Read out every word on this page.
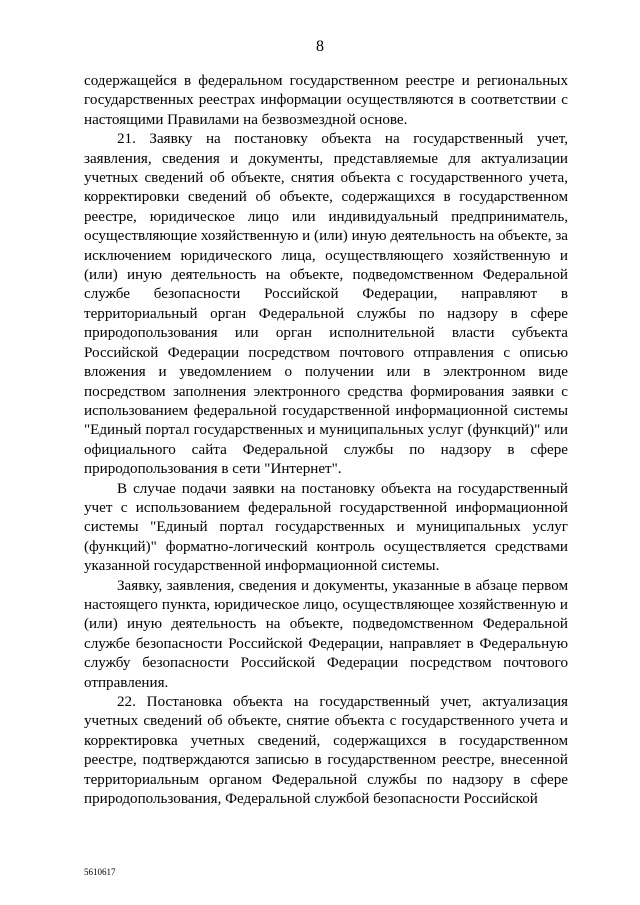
8

содержащейся в федеральном государственном реестре и региональных государственных реестрах информации осуществляются в соответствии с настоящими Правилами на безвозмездной основе.

21. Заявку на постановку объекта на государственный учет, заявления, сведения и документы, представляемые для актуализации учетных сведений об объекте, снятия объекта с государственного учета, корректировки сведений об объекте, содержащихся в государственном реестре, юридическое лицо или индивидуальный предприниматель, осуществляющие хозяйственную и (или) иную деятельность на объекте, за исключением юридического лица, осуществляющего хозяйственную и (или) иную деятельность на объекте, подведомственном Федеральной службе безопасности Российской Федерации, направляют в территориальный орган Федеральной службы по надзору в сфере природопользования или орган исполнительной власти субъекта Российской Федерации посредством почтового отправления с описью вложения и уведомлением о получении или в электронном виде посредством заполнения электронного средства формирования заявки с использованием федеральной государственной информационной системы "Единый портал государственных и муниципальных услуг (функций)" или официального сайта Федеральной службы по надзору в сфере природопользования в сети "Интернет".

В случае подачи заявки на постановку объекта на государственный учет с использованием федеральной государственной информационной системы "Единый портал государственных и муниципальных услуг (функций)" форматно-логический контроль осуществляется средствами указанной государственной информационной системы.

Заявку, заявления, сведения и документы, указанные в абзаце первом настоящего пункта, юридическое лицо, осуществляющее хозяйственную и (или) иную деятельность на объекте, подведомственном Федеральной службе безопасности Российской Федерации, направляет в Федеральную службу безопасности Российской Федерации посредством почтового отправления.

22. Постановка объекта на государственный учет, актуализация учетных сведений об объекте, снятие объекта с государственного учета и корректировка учетных сведений, содержащихся в государственном реестре, подтверждаются записью в государственном реестре, внесенной территориальным органом Федеральной службы по надзору в сфере природопользования, Федеральной службой безопасности Российской

5610617
